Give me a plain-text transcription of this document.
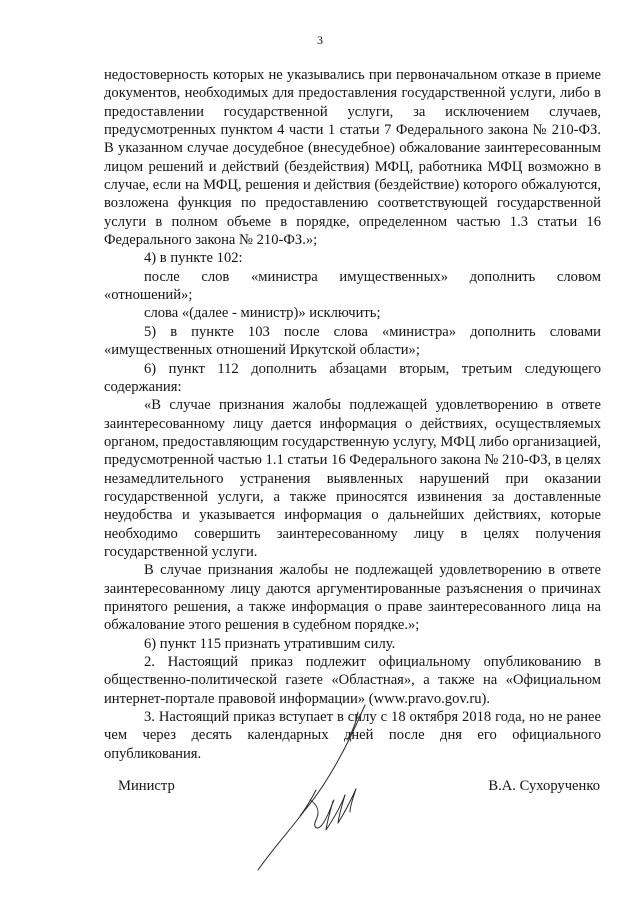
3

недостоверность которых не указывались при первоначальном отказе в приеме документов, необходимых для предоставления государственной услуги, либо в предоставлении государственной услуги, за исключением случаев, предусмотренных пунктом 4 части 1 статьи 7 Федерального закона № 210-ФЗ. В указанном случае досудебное (внесудебное) обжалование заинтересованным лицом решений и действий (бездействия) МФЦ, работника МФЦ возможно в случае, если на МФЦ, решения и действия (бездействие) которого обжалуются, возложена функция по предоставлению соответствующей государственной услуги в полном объеме в порядке, определенном частью 1.3 статьи 16 Федерального закона № 210-ФЗ.»;

4) в пункте 102:

после слов «министра имущественных» дополнить словом «отношений»;

слова «(далее - министр)» исключить;

5) в пункте 103 после слова «министра» дополнить словами «имущественных отношений Иркутской области»;

6) пункт 112 дополнить абзацами вторым, третьим следующего содержания:

«В случае признания жалобы подлежащей удовлетворению в ответе заинтересованному лицу дается информация о действиях, осуществляемых органом, предоставляющим государственную услугу, МФЦ либо организацией, предусмотренной частью 1.1 статьи 16 Федерального закона № 210-ФЗ, в целях незамедлительного устранения выявленных нарушений при оказании государственной услуги, а также приносятся извинения за доставленные неудобства и указывается информация о дальнейших действиях, которые необходимо совершить заинтересованному лицу в целях получения государственной услуги.

В случае признания жалобы не подлежащей удовлетворению в ответе заинтересованному лицу даются аргументированные разъяснения о причинах принятого решения, а также информация о праве заинтересованного лица на обжалование этого решения в судебном порядке.»;

6) пункт 115 признать утратившим силу.

2. Настоящий приказ подлежит официальному опубликованию в общественно-политической газете «Областная», а также на «Официальном интернет-портале правовой информации» (www.pravo.gov.ru).

3. Настоящий приказ вступает в силу с 18 октября 2018 года, но не ранее чем через десять календарных дней после дня его официального опубликования.

Министр	В.А. Сухорученко
